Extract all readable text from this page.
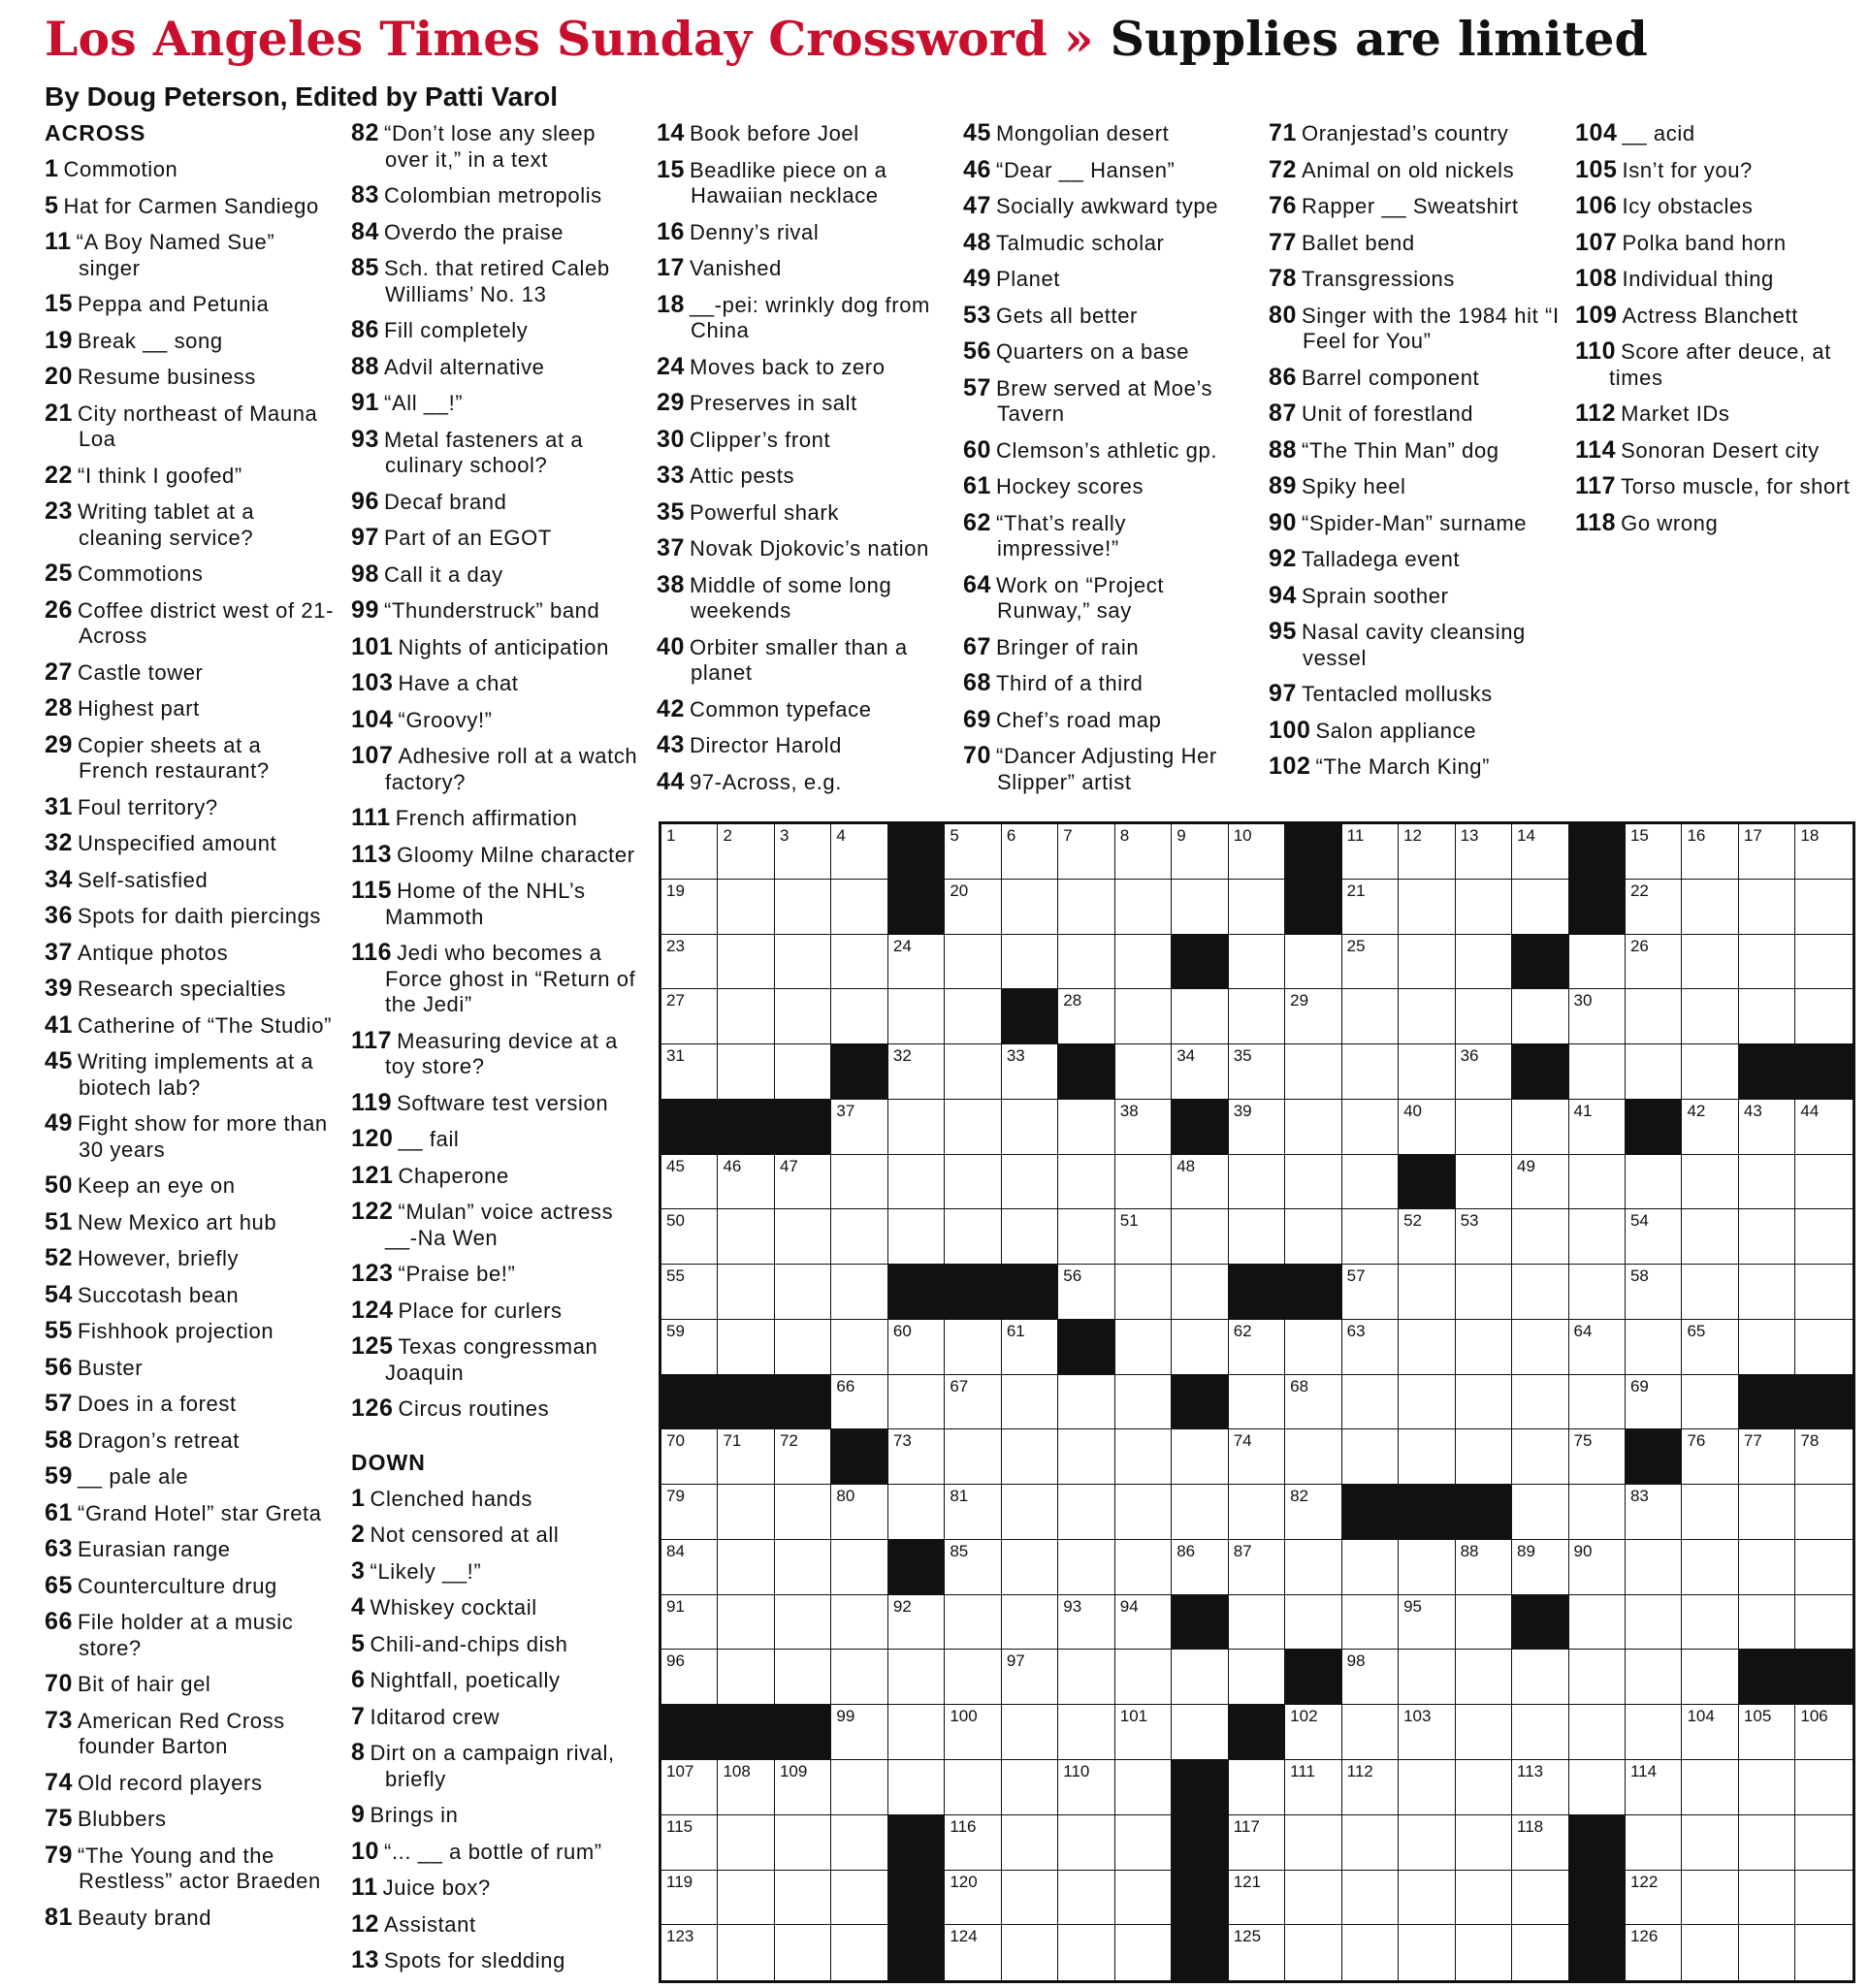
Los Angeles Times Sunday Crossword » Supplies are limited
By Doug Peterson, Edited by Patti Varol
ACROSS
1 Commotion
5 Hat for Carmen Sandiego
11 “A Boy Named Sue” singer
15 Peppa and Petunia
19 Break __ song
20 Resume business
21 City northeast of Mauna Loa
22 “I think I goofed”
23 Writing tablet at a cleaning service?
25 Commotions
26 Coffee district west of 21-Across
27 Castle tower
28 Highest part
29 Copier sheets at a French restaurant?
31 Foul territory?
32 Unspecified amount
34 Self-satisfied
36 Spots for daith piercings
37 Antique photos
39 Research specialties
41 Catherine of “The Studio”
45 Writing implements at a biotech lab?
49 Fight show for more than 30 years
50 Keep an eye on
51 New Mexico art hub
52 However, briefly
54 Succotash bean
55 Fishhook projection
56 Buster
57 Does in a forest
58 Dragon’s retreat
59 __ pale ale
61 “Grand Hotel” star Greta
63 Eurasian range
65 Counterculture drug
66 File holder at a music store?
70 Bit of hair gel
73 American Red Cross founder Barton
74 Old record players
75 Blubbers
79 “The Young and the Restless” actor Braeden
81 Beauty brand
82 “Don’t lose any sleep over it,” in a text
83 Colombian metropolis
84 Overdo the praise
85 Sch. that retired Caleb Williams’ No. 13
86 Fill completely
88 Advil alternative
91 “All __!”
93 Metal fasteners at a culinary school?
96 Decaf brand
97 Part of an EGOT
98 Call it a day
99 “Thunderstruck” band
101 Nights of anticipation
103 Have a chat
104 “Groovy!”
107 Adhesive roll at a watch factory?
111 French affirmation
113 Gloomy Milne character
115 Home of the NHL’s Mammoth
116 Jedi who becomes a Force ghost in “Return of the Jedi”
117 Measuring device at a toy store?
119 Software test version
120 __ fail
121 Chaperone
122 “Mulan” voice actress __-Na Wen
123 “Praise be!”
124 Place for curlers
125 Texas congressman Joaquin
126 Circus routines
DOWN
1 Clenched hands
2 Not censored at all
3 “Likely __!”
4 Whiskey cocktail
5 Chili-and-chips dish
6 Nightfall, poetically
7 Iditarod crew
8 Dirt on a campaign rival, briefly
9 Brings in
10 “... __ a bottle of rum”
11 Juice box?
12 Assistant
13 Spots for sledding
14 Book before Joel
15 Beadlike piece on a Hawaiian necklace
16 Denny’s rival
17 Vanished
18 __-pei: wrinkly dog from China
24 Moves back to zero
29 Preserves in salt
30 Clipper’s front
33 Attic pests
35 Powerful shark
37 Novak Djokovic’s nation
38 Middle of some long weekends
40 Orbiter smaller than a planet
42 Common typeface
43 Director Harold
44 97-Across, e.g.
45 Mongolian desert
46 “Dear __ Hansen”
47 Socially awkward type
48 Talmudic scholar
49 Planet
53 Gets all better
56 Quarters on a base
57 Brew served at Moe’s Tavern
60 Clemson’s athletic gp.
61 Hockey scores
62 “That’s really impressive!”
64 Work on “Project Runway,” say
67 Bringer of rain
68 Third of a third
69 Chef’s road map
70 “Dancer Adjusting Her Slipper” artist
71 Oranjestad’s country
72 Animal on old nickels
76 Rapper __ Sweatshirt
77 Ballet bend
78 Transgressions
80 Singer with the 1984 hit “I Feel for You”
86 Barrel component
87 Unit of forestland
88 “The Thin Man” dog
89 Spiky heel
90 “Spider-Man” surname
92 Talladega event
94 Sprain soother
95 Nasal cavity cleansing vessel
97 Tentacled mollusks
100 Salon appliance
102 “The March King”
104 __ acid
105 Isn’t for you?
106 Icy obstacles
107 Polka band horn
108 Individual thing
109 Actress Blanchett
110 Score after deuce, at times
112 Market IDs
114 Sonoran Desert city
117 Torso muscle, for short
118 Go wrong
1	2	3	4	5	6	7	8	9	10	11 12 13 14	15 16 17 18
19	20	21	22
23	24	25	26
27	28	29	30
31	32	33	34 35	36
37	38	39	40	41	42 43 44
45 46 47	48	49
50	51	52 53	54
55	56	57	58
59	60	61	62	63	64	65
66	67	68	69
70 71 72	73	74	75	76 77 78
79	80	81	82	83
84	85	86 87	88 89 90
91	92	93 94	95
96	97	98
99	100	101	102	103	104 105 106
107 108 109	110	111 112	113	114
115	116	117	118
119	120	121	122
123	124	125	126
